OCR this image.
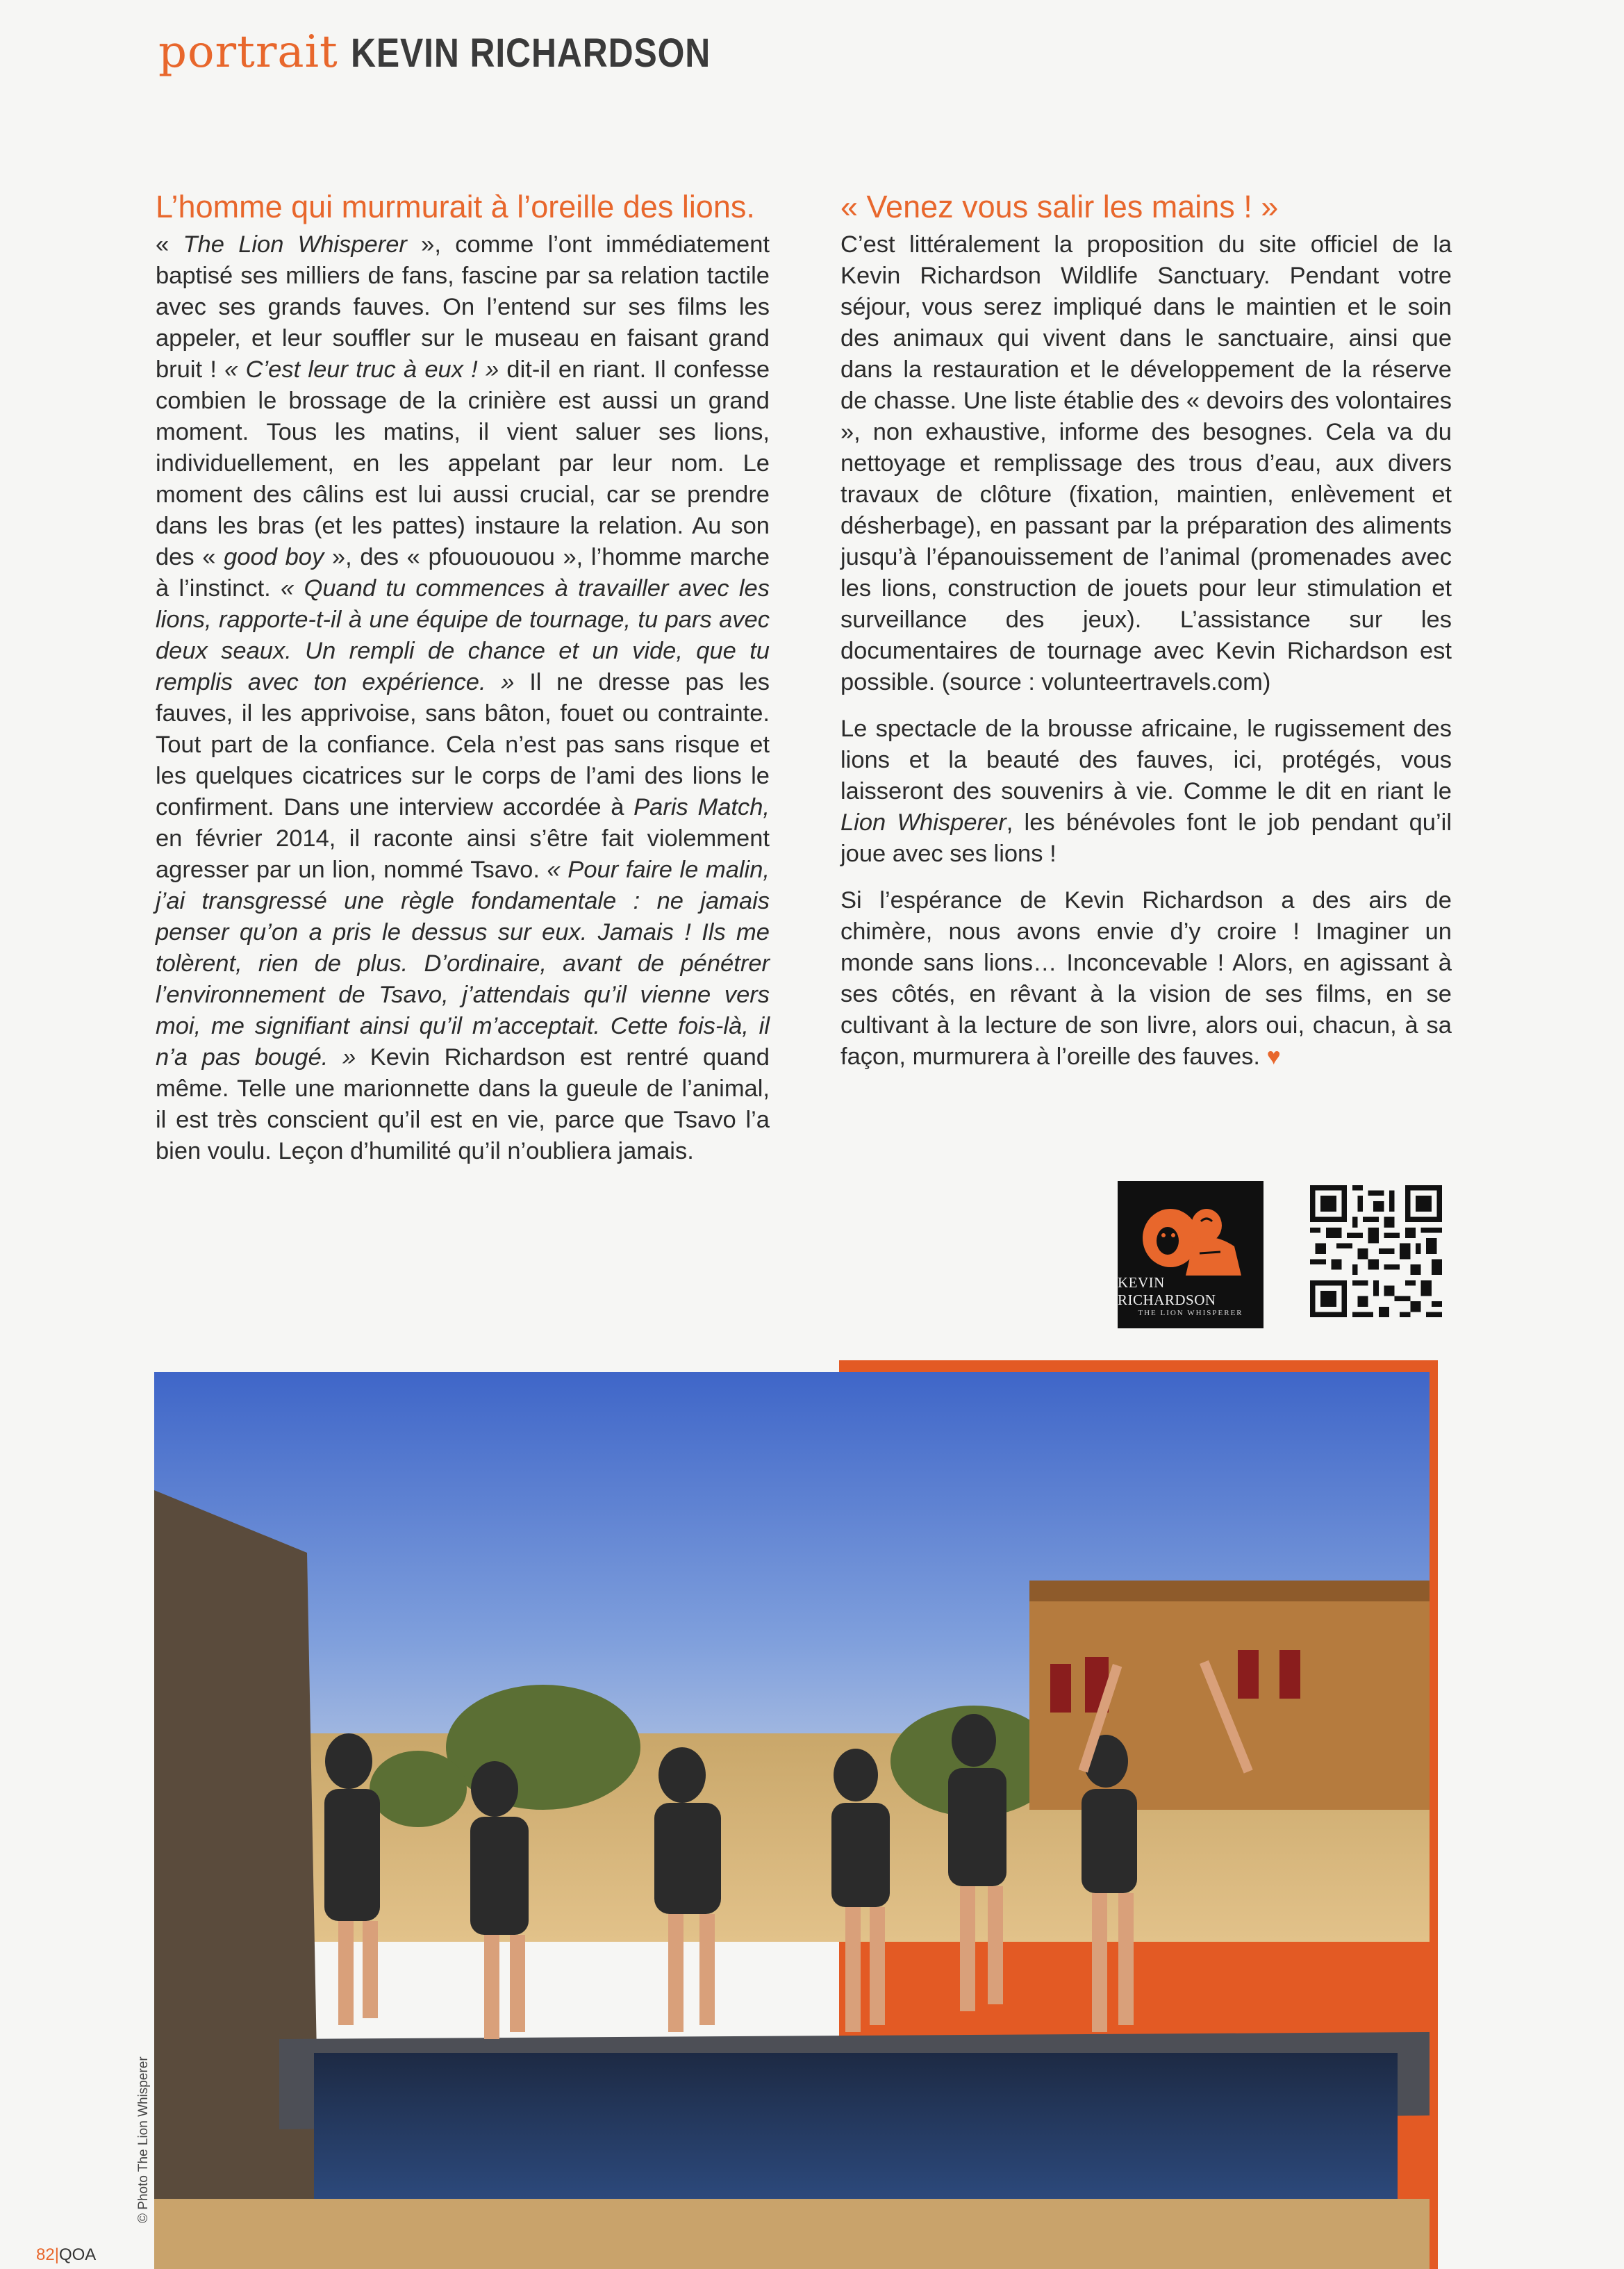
portrait KEVIN RICHARDSON
L’homme qui murmurait à l’oreille des lions.

« The Lion Whisperer », comme l’ont immédiatement baptisé ses milliers de fans, fascine par sa relation tactile avec ses grands fauves. On l’entend sur ses films les appeler, et leur souffler sur le museau en faisant grand bruit ! « C’est leur truc à eux ! » dit-il en riant. Il confesse combien le brossage de la crinière est aussi un grand moment. Tous les matins, il vient saluer ses lions, individuellement, en les appelant par leur nom. Le moment des câlins est lui aussi crucial, car se prendre dans les bras (et les pattes) instaure la relation. Au son des « good boy », des « pfouououou », l’homme marche à l’instinct. « Quand tu commences à travailler avec les lions, rapporte-t-il à une équipe de tournage, tu pars avec deux seaux. Un rempli de chance et un vide, que tu remplis avec ton expérience. » Il ne dresse pas les fauves, il les apprivoise, sans bâton, fouet ou contrainte. Tout part de la confiance. Cela n’est pas sans risque et les quelques cicatrices sur le corps de l’ami des lions le confirment. Dans une interview accordée à Paris Match, en février 2014, il raconte ainsi s’être fait violemment agresser par un lion, nommé Tsavo. « Pour faire le malin, j’ai transgressé une règle fondamentale : ne jamais penser qu’on a pris le dessus sur eux. Jamais ! Ils me tolèrent, rien de plus. D’ordinaire, avant de pénétrer l’environnement de Tsavo, j’attendais qu’il vienne vers moi, me signifiant ainsi qu’il m’acceptait. Cette fois-là, il n’a pas bougé. » Kevin Richardson est rentré quand même. Telle une marionnette dans la gueule de l’animal, il est très conscient qu’il est en vie, parce que Tsavo l’a bien voulu. Leçon d’humilité qu’il n’oubliera jamais.

« Venez vous salir les mains ! »

C’est littéralement la proposition du site officiel de la Kevin Richardson Wildlife Sanctuary. Pendant votre séjour, vous serez impliqué dans le maintien et le soin des animaux qui vivent dans le sanctuaire, ainsi que dans la restauration et le développement de la réserve de chasse. Une liste établie des « devoirs des volontaires », non exhaustive, informe des besognes. Cela va du nettoyage et remplissage des trous d’eau, aux divers travaux de clôture (fixation, maintien, enlèvement et désherbage), en passant par la préparation des aliments jusqu’à l’épanouissement de l’animal (promenades avec les lions, construction de jouets pour leur stimulation et surveillance des jeux). L’assistance sur les documentaires de tournage avec Kevin Richardson est possible. (source : volunteertravels.com)

Le spectacle de la brousse africaine, le rugissement des lions et la beauté des fauves, ici, protégés, vous laisseront des souvenirs à vie. Comme le dit en riant le Lion Whisperer, les bénévoles font le job pendant qu’il joue avec ses lions !

Si l’espérance de Kevin Richardson a des airs de chimère, nous avons envie d’y croire ! Imaginer un monde sans lions… Inconcevable ! Alors, en agissant à ses côtés, en rêvant à la vision de ses films, en se cultivant à la lecture de son livre, alors oui, chacun, à sa façon, murmurera à l’oreille des fauves. ♥

KEVIN RICHARDSON
THE LION WHISPERER
© Photo The Lion Whisperer
82|QOA
